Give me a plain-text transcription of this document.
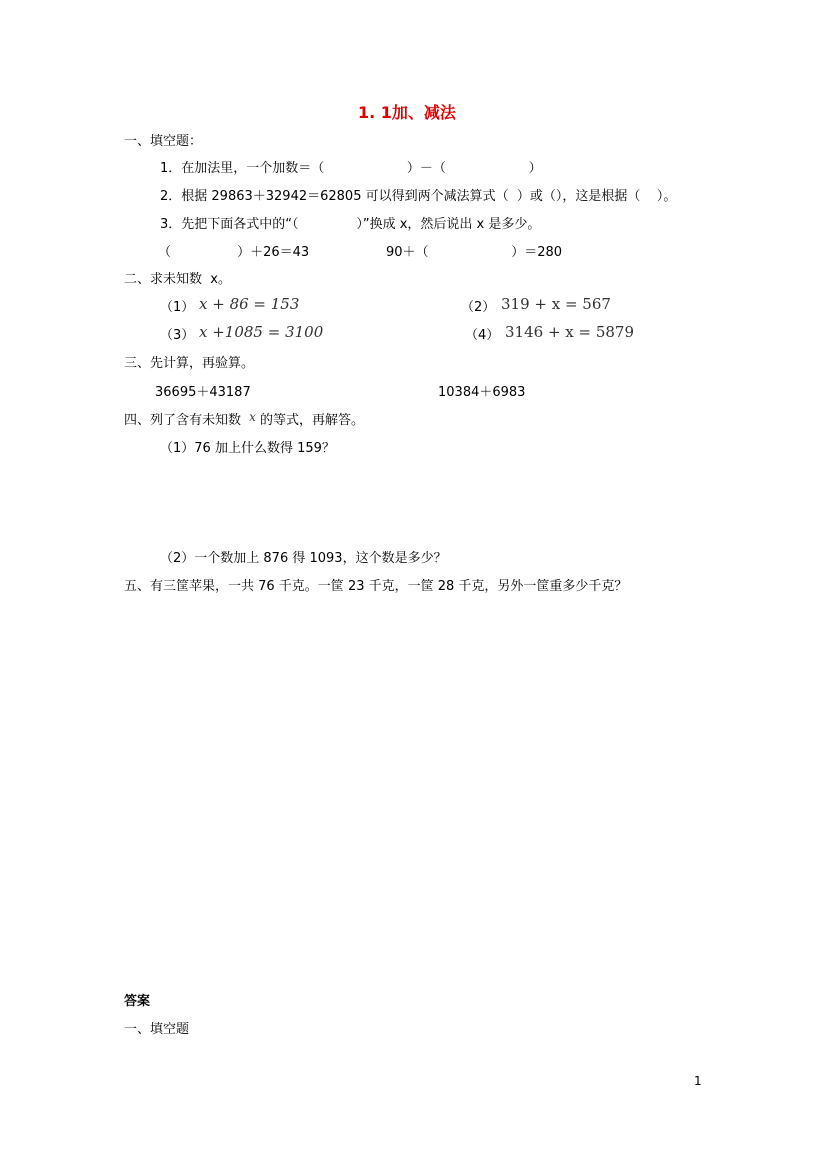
1. 1加、减法
一、填空题：
1．在加法里，一个加数＝（                    ）－（                    ）
2．根据 29863＋32942＝62805 可以得到两个减法算式（  ）或（），这是根据（    ）。
3．先把下面各式中的“（              ）”换成 x，然后说出 x 是多少。
（                ）＋26＝43	90＋（                    ）＝280
二、求未知数  x。
（1） x + 86 = 153	（2） 319 + x = 567
（3） x +1085 = 3100	（4） 3146 + x = 5879
三、先计算，再验算。
36695＋43187	10384＋6983
四、列了含有未知数 x 的等式，再解答。
（1）76 加上什么数得 159？
（2）一个数加上 876 得 1093，这个数是多少？
五、有三筐苹果，一共 76 千克。一筐 23 千克，一筐 28 千克，另外一筐重多少千克？
答案
一、填空题
1
